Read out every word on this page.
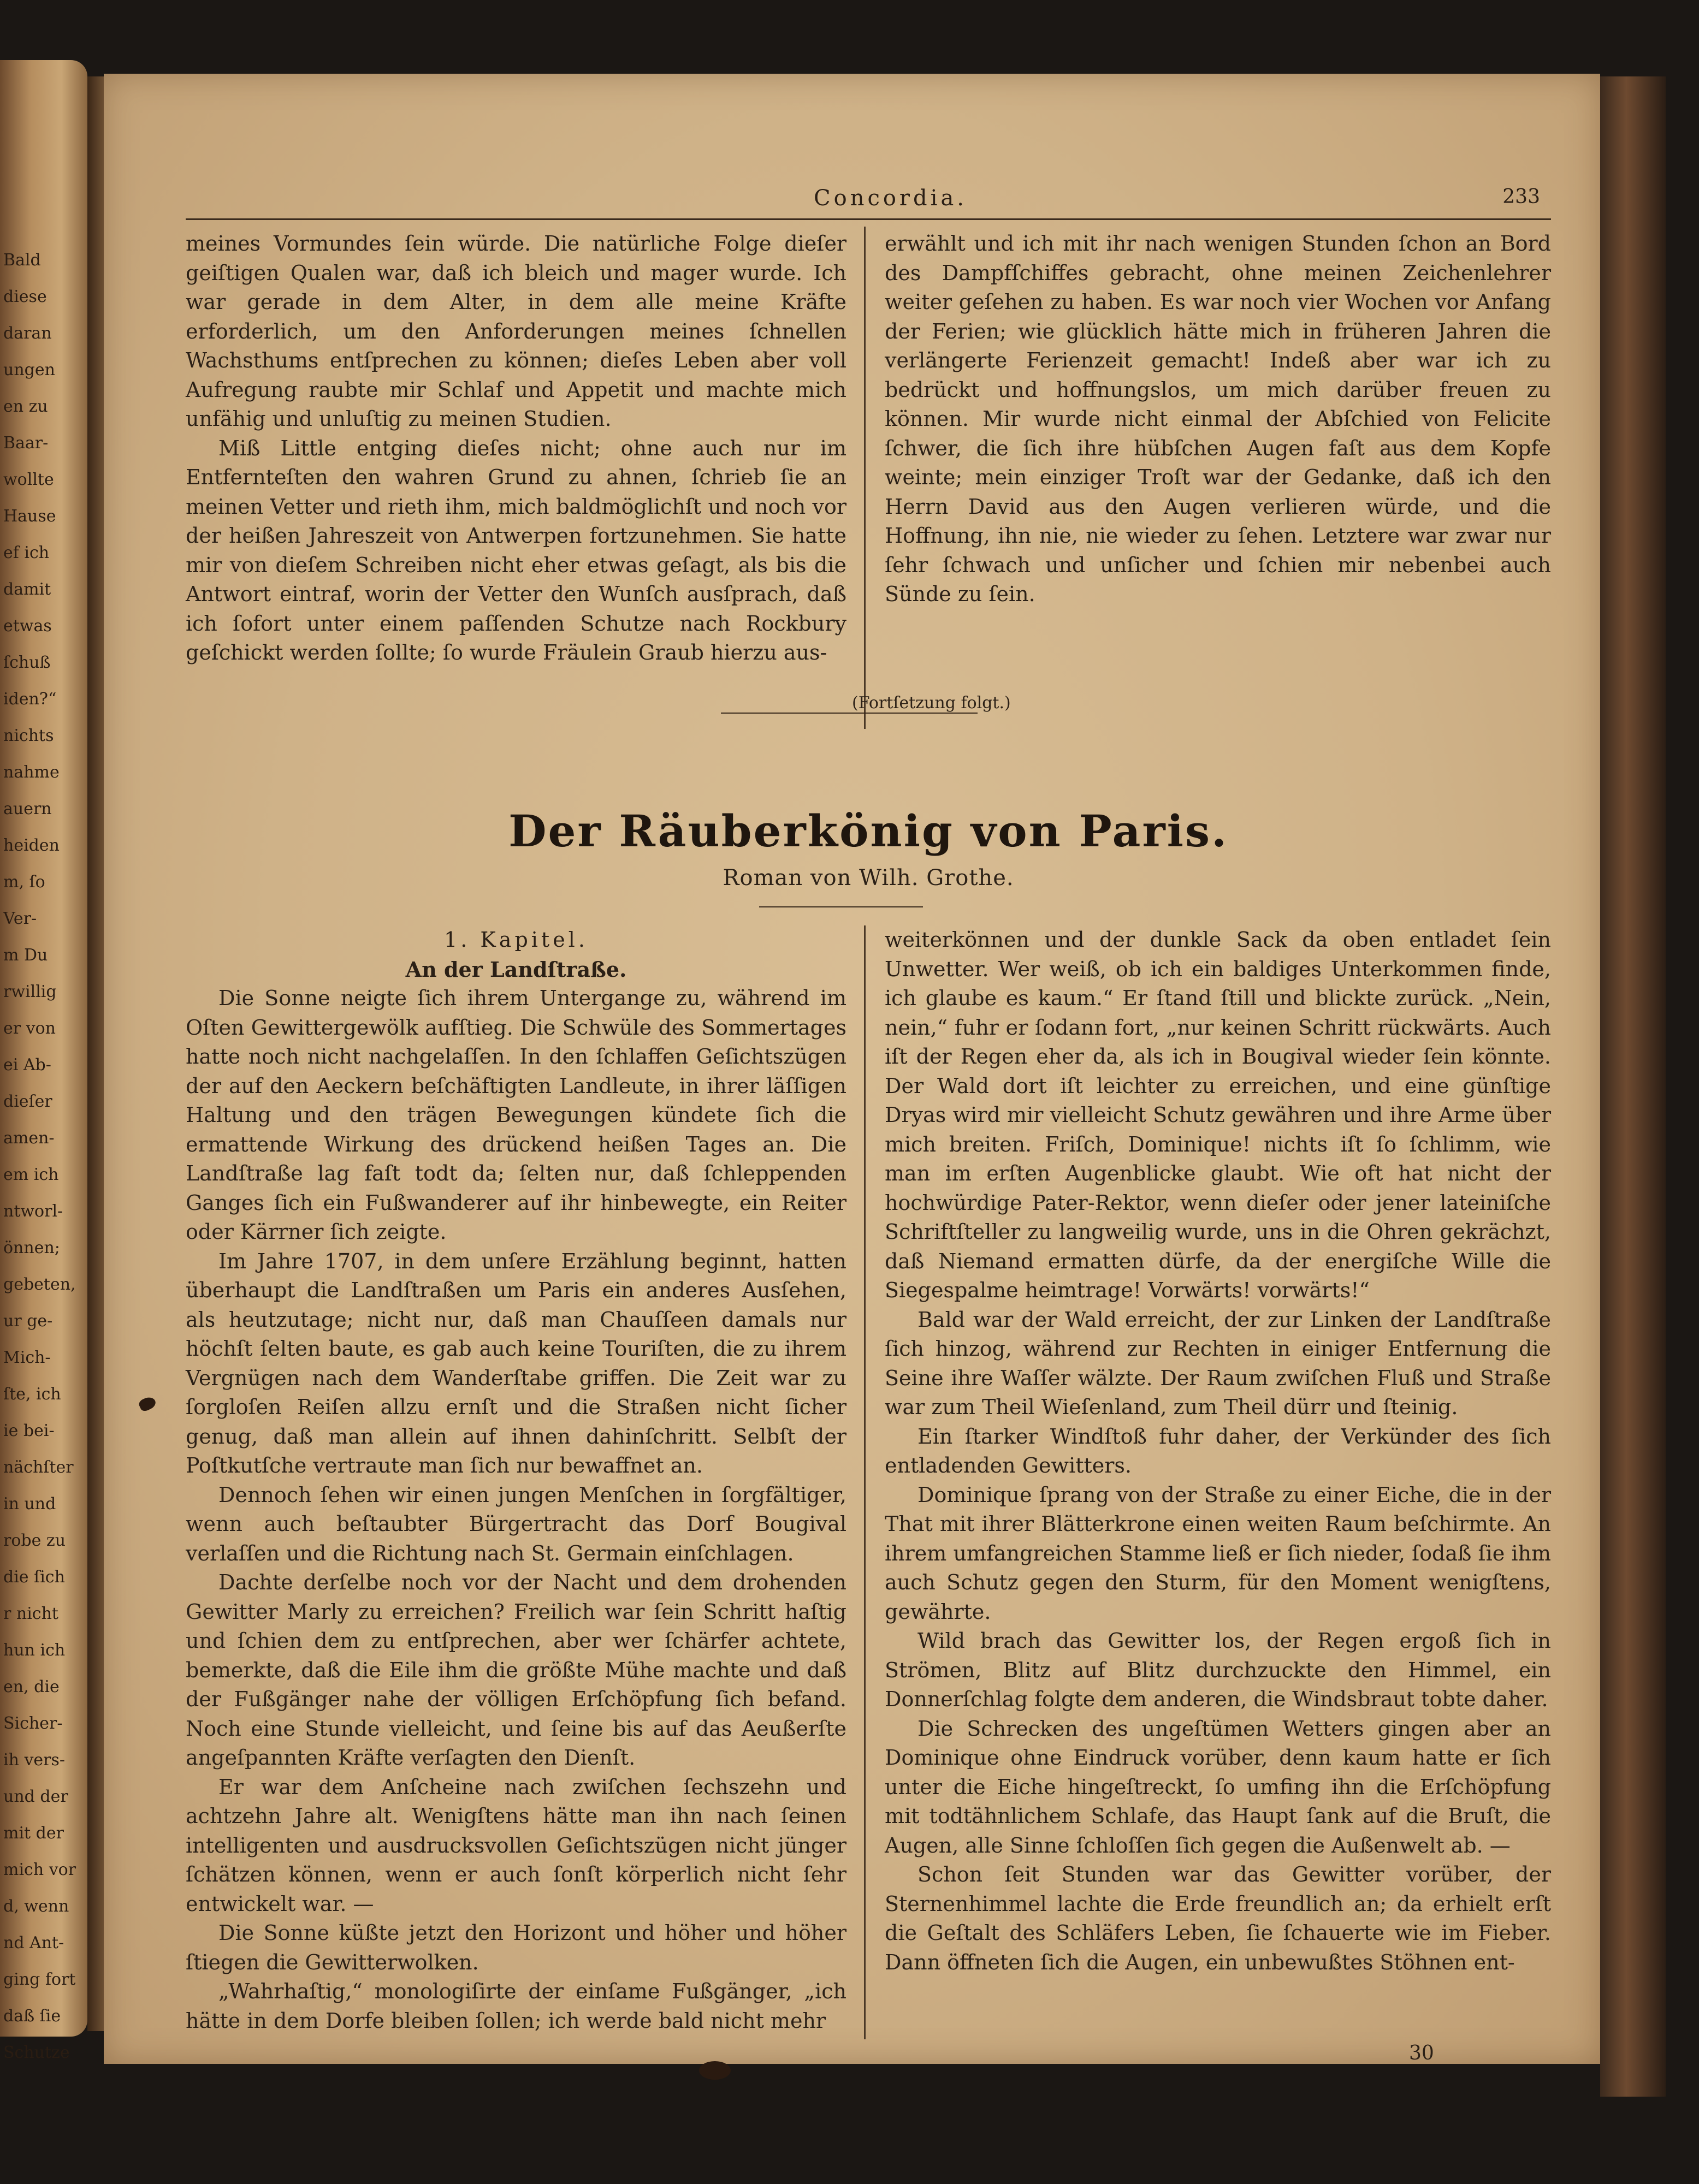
Bald
diese
daran
ungen
en zu
Baar-
wollte
Hause
ef ich
damit
etwas
ſchuß
iden?“
nichts
nahme
auern
heiden
m, ſo
Ver-
m Du
rwillig
er von
ei Ab-
dieſer
amen-
em ich
ntworl-
önnen;
gebeten,
ur ge-
Mich-
ſte, ich
ie bei-
nächſter
in und
robe zu
die ſich
r nicht
hun ich
en, die
Sicher-
ih vers-
und der
mit der
mich vor
d, wenn
nd Ant-
ging fort
daß ſie
Schutze
Concordia.	233

meines Vormundes ſein würde. Die natürliche Folge dieſer geiſtigen Qualen war, daß ich bleich und mager wurde. Ich war gerade in dem Alter, in dem alle meine Kräfte erforderlich, um den Anforderungen meines ſchnellen Wachsthums entſprechen zu können; dieſes Leben aber voll Aufregung raubte mir Schlaf und Appetit und machte mich unfähig und unluſtig zu meinen Studien.

Miß Little entging dieſes nicht; ohne auch nur im Entfernteſten den wahren Grund zu ahnen, ſchrieb ſie an meinen Vetter und rieth ihm, mich baldmöglichſt und noch vor der heißen Jahreszeit von Antwerpen fortzunehmen. Sie hatte mir von dieſem Schreiben nicht eher etwas geſagt, als bis die Antwort eintraf, worin der Vetter den Wunſch ausſprach, daß ich ſofort unter einem paſſenden Schutze nach Rockbury geſchickt werden ſollte; ſo wurde Fräulein Graub hierzu aus-

erwählt und ich mit ihr nach wenigen Stunden ſchon an Bord des Dampfſchiffes gebracht, ohne meinen Zeichenlehrer weiter geſehen zu haben. Es war noch vier Wochen vor Anfang der Ferien; wie glücklich hätte mich in früheren Jahren die verlängerte Ferienzeit gemacht! Indeß aber war ich zu bedrückt und hoffnungslos, um mich darüber freuen zu können. Mir wurde nicht einmal der Abſchied von Felicite ſchwer, die ſich ihre hübſchen Augen faſt aus dem Kopfe weinte; mein einziger Troſt war der Gedanke, daß ich den Herrn David aus den Augen verlieren würde, und die Hoffnung, ihn nie, nie wieder zu ſehen. Letztere war zwar nur ſehr ſchwach und unſicher und ſchien mir nebenbei auch Sünde zu ſein.

(Fortſetzung folgt.)
Der Räuberkönig von Paris.
Roman von Wilh. Grothe.

1. Kapitel.

An der Landſtraße.

Die Sonne neigte ſich ihrem Untergange zu, während im Oſten Gewittergewölk aufſtieg. Die Schwüle des Sommertages hatte noch nicht nachgelaſſen. In den ſchlaffen Geſichtszügen der auf den Aeckern beſchäftigten Landleute, in ihrer läſſigen Haltung und den trägen Bewegungen kündete ſich die ermattende Wirkung des drückend heißen Tages an. Die Landſtraße lag faſt todt da; ſelten nur, daß ſchleppenden Ganges ſich ein Fußwanderer auf ihr hinbewegte, ein Reiter oder Kärrner ſich zeigte.

Im Jahre 1707, in dem unſere Erzählung beginnt, hatten überhaupt die Landſtraßen um Paris ein anderes Ausſehen, als heutzutage; nicht nur, daß man Chauſſeen damals nur höchſt ſelten baute, es gab auch keine Touriſten, die zu ihrem Vergnügen nach dem Wanderſtabe griffen. Die Zeit war zu ſorgloſen Reiſen allzu ernſt und die Straßen nicht ſicher genug, daß man allein auf ihnen dahinſchritt. Selbſt der Poſtkutſche vertraute man ſich nur bewaffnet an.

Dennoch ſehen wir einen jungen Menſchen in ſorgfältiger, wenn auch beſtaubter Bürgertracht das Dorf Bougival verlaſſen und die Richtung nach St. Germain einſchlagen.

Dachte derſelbe noch vor der Nacht und dem drohenden Gewitter Marly zu erreichen? Freilich war ſein Schritt haſtig und ſchien dem zu entſprechen, aber wer ſchärfer achtete, bemerkte, daß die Eile ihm die größte Mühe machte und daß der Fußgänger nahe der völligen Erſchöpfung ſich befand. Noch eine Stunde vielleicht, und ſeine bis auf das Aeußerſte angeſpannten Kräfte verſagten den Dienſt.

Er war dem Anſcheine nach zwiſchen ſechszehn und achtzehn Jahre alt. Wenigſtens hätte man ihn nach ſeinen intelligenten und ausdrucksvollen Geſichtszügen nicht jünger ſchätzen können, wenn er auch ſonſt körperlich nicht ſehr entwickelt war. —

Die Sonne küßte jetzt den Horizont und höher und höher ſtiegen die Gewitterwolken.

„Wahrhaſtig,“ monologiſirte der einſame Fußgänger, „ich hätte in dem Dorfe bleiben ſollen; ich werde bald nicht mehr

weiterkönnen und der dunkle Sack da oben entladet ſein Unwetter. Wer weiß, ob ich ein baldiges Unterkommen finde, ich glaube es kaum.“ Er ſtand ſtill und blickte zurück. „Nein, nein,“ fuhr er ſodann fort, „nur keinen Schritt rückwärts. Auch iſt der Regen eher da, als ich in Bougival wieder ſein könnte. Der Wald dort iſt leichter zu erreichen, und eine günſtige Dryas wird mir vielleicht Schutz gewähren und ihre Arme über mich breiten. Friſch, Dominique! nichts iſt ſo ſchlimm, wie man im erſten Augenblicke glaubt. Wie oft hat nicht der hochwürdige Pater-Rektor, wenn dieſer oder jener lateiniſche Schriftſteller zu langweilig wurde, uns in die Ohren gekrächzt, daß Niemand ermatten dürfe, da der energiſche Wille die Siegespalme heimtrage! Vorwärts! vorwärts!“

Bald war der Wald erreicht, der zur Linken der Landſtraße ſich hinzog, während zur Rechten in einiger Entfernung die Seine ihre Waſſer wälzte. Der Raum zwiſchen Fluß und Straße war zum Theil Wieſenland, zum Theil dürr und ſteinig.

Ein ſtarker Windſtoß fuhr daher, der Verkünder des ſich entladenden Gewitters.

Dominique ſprang von der Straße zu einer Eiche, die in der That mit ihrer Blätterkrone einen weiten Raum beſchirmte. An ihrem umfangreichen Stamme ließ er ſich nieder, ſodaß ſie ihm auch Schutz gegen den Sturm, für den Moment wenigſtens, gewährte.

Wild brach das Gewitter los, der Regen ergoß ſich in Strömen, Blitz auf Blitz durchzuckte den Himmel, ein Donnerſchlag folgte dem anderen, die Windsbraut tobte daher.

Die Schrecken des ungeſtümen Wetters gingen aber an Dominique ohne Eindruck vorüber, denn kaum hatte er ſich unter die Eiche hingeſtreckt, ſo umfing ihn die Erſchöpfung mit todtähnlichem Schlafe, das Haupt ſank auf die Bruſt, die Augen, alle Sinne ſchloſſen ſich gegen die Außenwelt ab. —

Schon ſeit Stunden war das Gewitter vorüber, der Sternenhimmel lachte die Erde freundlich an; da erhielt erſt die Geſtalt des Schläfers Leben, ſie ſchauerte wie im Fieber. Dann öffneten ſich die Augen, ein unbewußtes Stöhnen ent-

30
